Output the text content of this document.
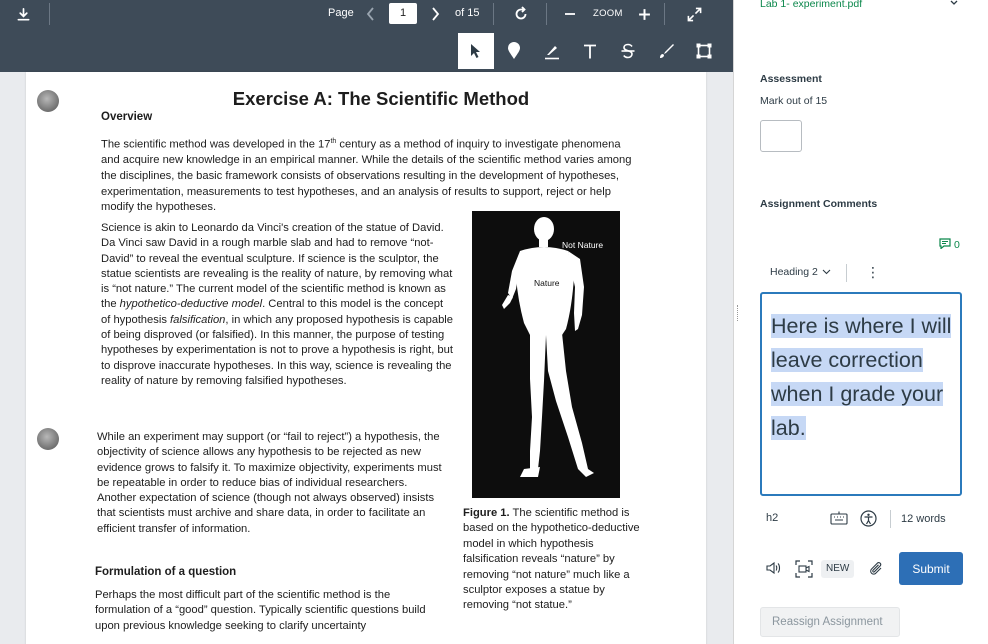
Page	1	of 15	ZOOM
Exercise A: The Scientific Method
Overview
The scientific method was developed in the 17th century as a method of inquiry to investigate phenomena and acquire new knowledge in an empirical manner. While the details of the scientific method varies among the disciplines, the basic framework consists of observations resulting in the development of hypotheses, experimentation, measurements to test hypotheses, and an analysis of results to support, reject or help modify the hypotheses.
Science is akin to Leonardo da Vinci's creation of the statue of David. Da Vinci saw David in a rough marble slab and had to remove “not-David” to reveal the eventual sculpture. If science is the sculptor, the statue scientists are revealing is the reality of nature, by removing what is “not nature.” The current model of the scientific method is known as the hypothetico-deductive model. Central to this model is the concept of hypothesis falsification, in which any proposed hypothesis is capable of being disproved (or falsified). In this manner, the purpose of testing hypotheses by experimentation is not to prove a hypothesis is right, but to disprove inaccurate hypotheses. In this way, science is revealing the reality of nature by removing falsified hypotheses.
While an experiment may support (or “fail to reject”) a hypothesis, the objectivity of science allows any hypothesis to be rejected as new evidence grows to falsify it. To maximize objectivity, experiments must be repeatable in order to reduce bias of individual researchers. Another expectation of science (though not always observed) insists that scientists must archive and share data, in order to facilitate an efficient transfer of information.
Formulation of a question
Perhaps the most difficult part of the scientific method is the formulation of a “good” question. Typically scientific questions build upon previous knowledge seeking to clarify uncertainty
Not Nature
Nature
Figure 1. The scientific method is based on the hypothetico-deductive model in which hypothesis falsification reveals “nature” by removing “not nature” much like a sculptor exposes a statue by removing “not statue.”
Lab 1- experiment.pdf
Assessment
Mark out of 15
Assignment Comments
0
Heading 2	⋮
Here is where I will leave correction when I grade your lab.
h2	12 words
NEW	Submit
Reassign Assignment
